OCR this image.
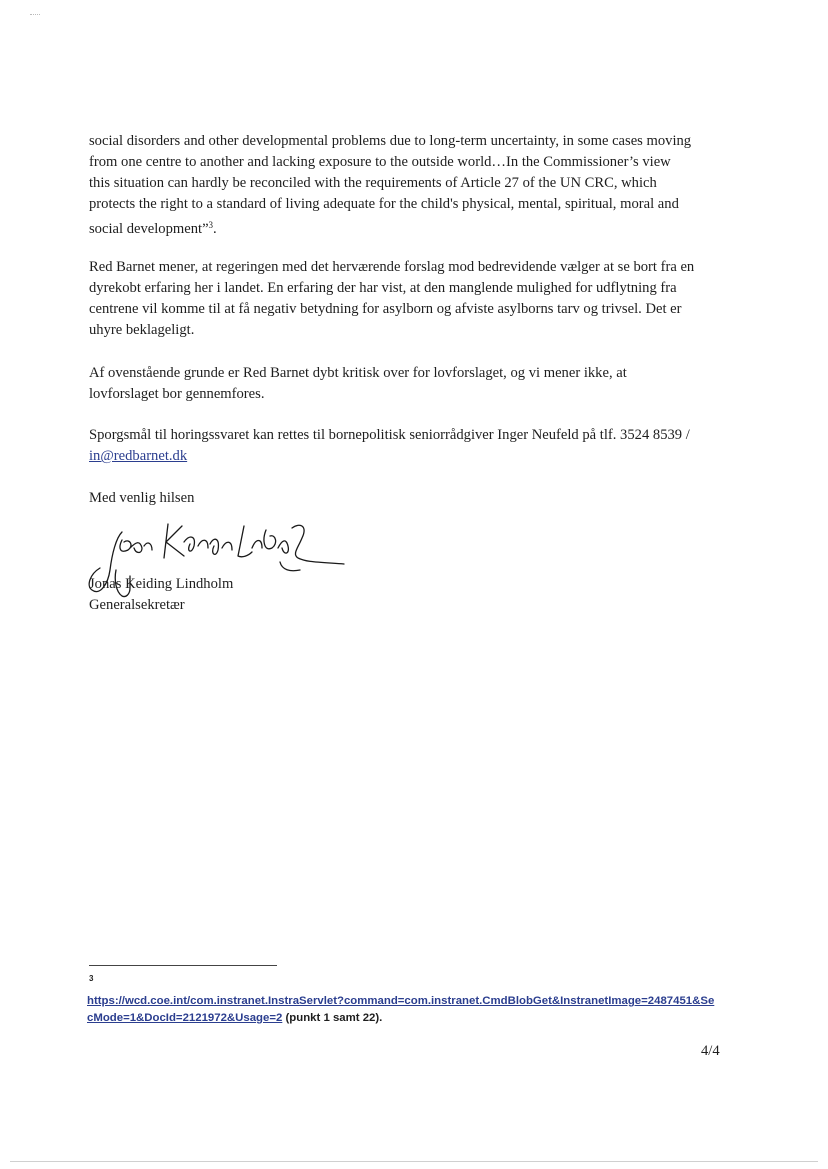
social disorders and other developmental problems due to long-term uncertainty, in some cases moving
from one centre to another and lacking exposure to the outside world…In the Commissioner’s view
this situation can hardly be reconciled with the requirements of Article 27 of the UN CRC, which
protects the right to a standard of living adequate for the child's physical, mental, spiritual, moral and
social development”$^3$.

Red Barnet mener, at regeringen med det herværende forslag mod bedrevidende vælger at se bort fra en
dyrekobt erfaring her i landet. En erfaring der har vist, at den manglende mulighed for udflytning fra
centrene vil komme til at få negativ betydning for asylborn og afviste asylborns tarv og trivsel. Det er
uhyre beklageligt.

Af ovenstående grunde er Red Barnet dybt kritisk over for lovforslaget, og vi mener ikke, at
lovforslaget bor gennemfores.

Sporgsmål til horingssvaret kan rettes til bornepolitisk seniorrådgiver Inger Neufeld på tlf. 3524 8539 /
in@redbarnet.dk

Med venlig hilsen

Jonas Keiding Lindholm
Generalsekretær
3
https://wcd.coe.int/com.instranet.InstraServlet?command=com.instranet.CmdBlobGet&InstranetImage=2487451&Se
cMode=1&DocId=2121972&Usage=2 (punkt 1 samt 22).
4/4
